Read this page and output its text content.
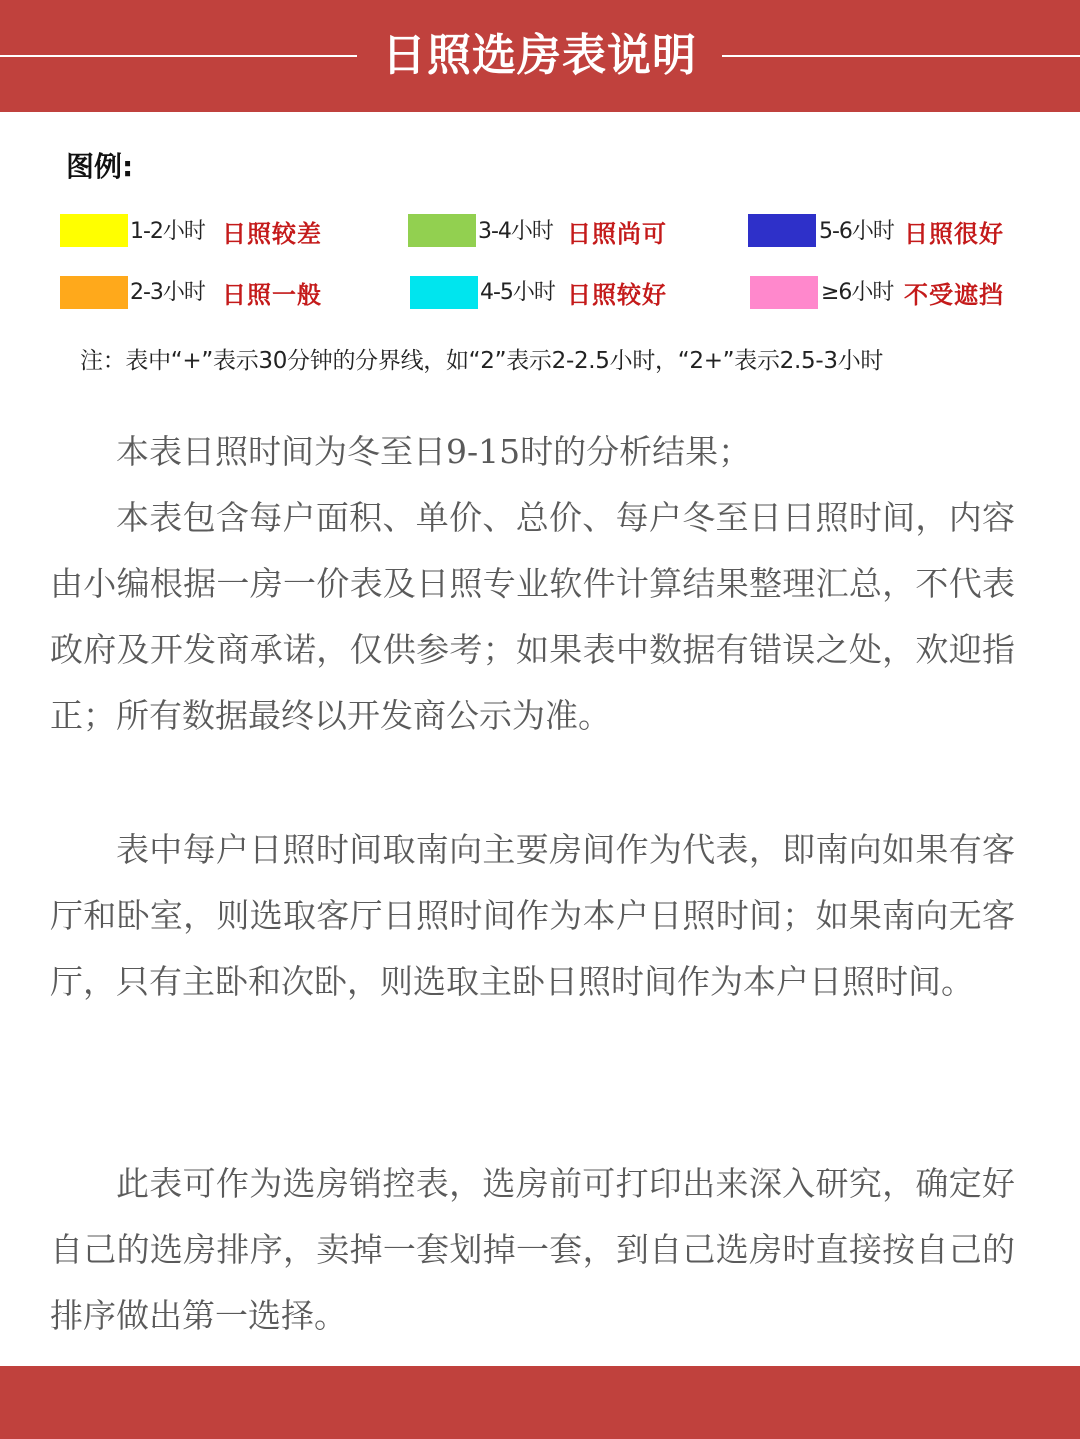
日照选房表说明
图例:
1-2小时 日照较差	3-4小时 日照尚可	5-6小时 日照很好
2-3小时 日照一般	4-5小时 日照较好	≥6小时 不受遮挡
注：表中“+”表示30分钟的分界线，如“2”表示2-2.5小时，“2+”表示2.5-3小时

本表日照时间为冬至日9-15时的分析结果；

本表包含每户面积、单价、总价、每户冬至日日照时间，内容由小编根据一房一价表及日照专业软件计算结果整理汇总，不代表政府及开发商承诺，仅供参考；如果表中数据有错误之处，欢迎指正；所有数据最终以开发商公示为准。

表中每户日照时间取南向主要房间作为代表，即南向如果有客厅和卧室，则选取客厅日照时间作为本户日照时间；如果南向无客厅，只有主卧和次卧，则选取主卧日照时间作为本户日照时间。

此表可作为选房销控表，选房前可打印出来深入研究，确定好自己的选房排序，卖掉一套划掉一套，到自己选房时直接按自己的排序做出第一选择。
